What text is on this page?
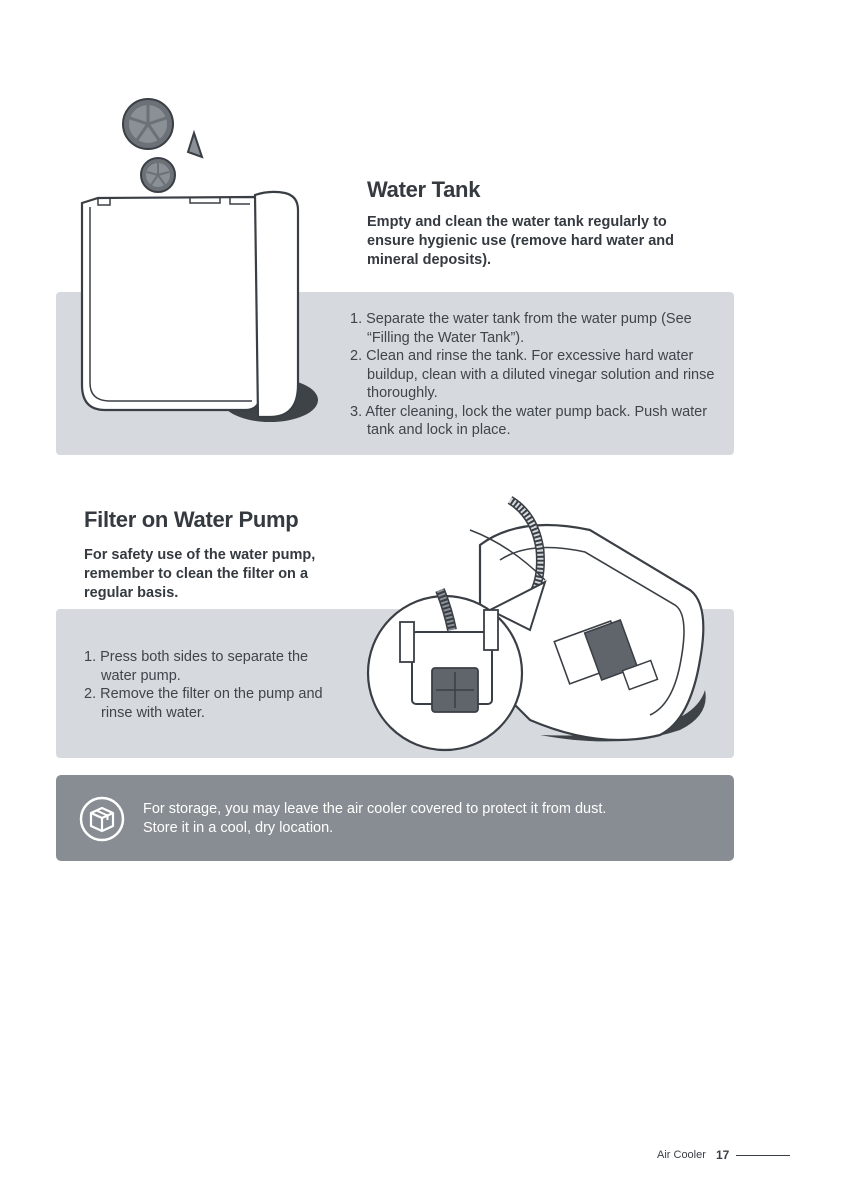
Water Tank
Empty and clean the water tank regularly to ensure hygienic use (remove hard water and mineral deposits).
1. Separate the water tank from the water pump (See “Filling the Water Tank”).
2. Clean and rinse the tank. For excessive hard water buildup, clean with a diluted vinegar solution and rinse thoroughly.
3. After cleaning, lock the water pump back. Push water tank and lock in place.
Filter on Water Pump
For safety use of the water pump, remember to clean the filter on a regular basis.
1. Press both sides to separate the water pump.
2. Remove the filter on the pump and rinse with water.
For storage, you may leave the air cooler covered to protect it from dust.
Store it in a cool, dry location.
Air Cooler 17
